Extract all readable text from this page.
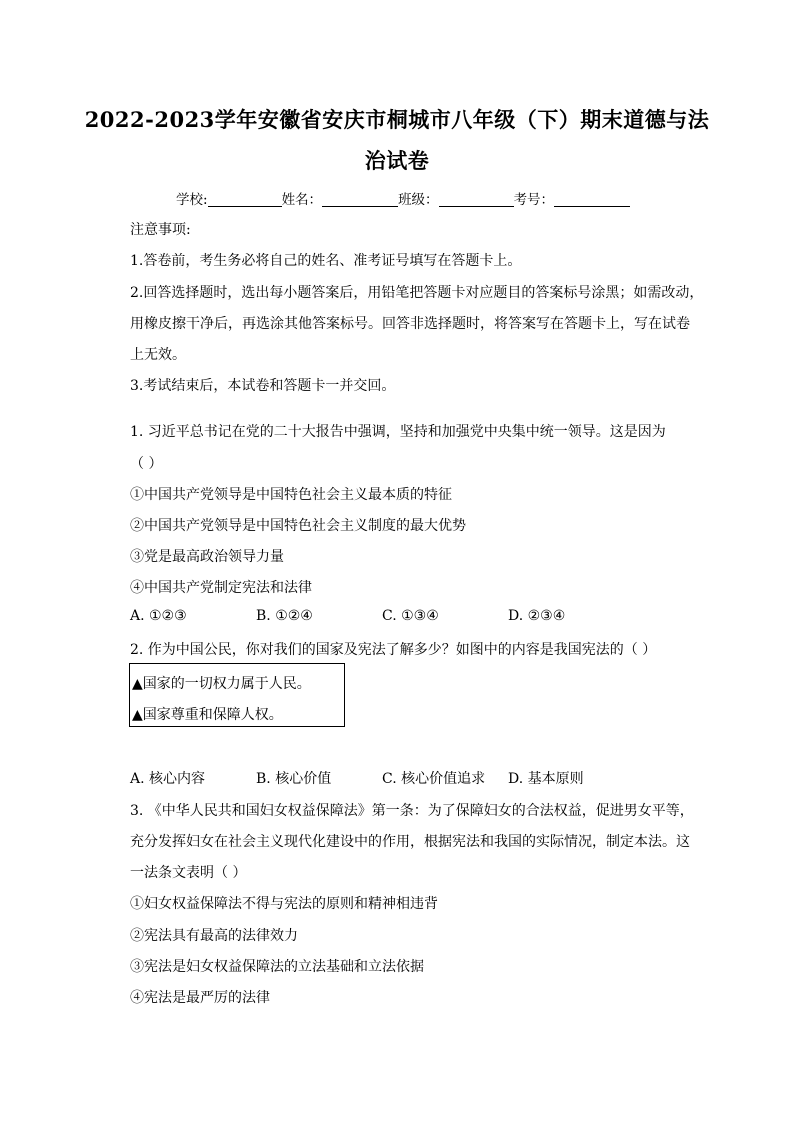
2022-2023学年安徽省安庆市桐城市八年级（下）期末道德与法
治试卷
学校:	姓名：	班级：	考号：
注意事项:
1.答卷前，考生务必将自己的姓名、准考证号填写在答题卡上。
2.回答选择题时，选出每小题答案后，用铅笔把答题卡对应题目的答案标号涂黑；如需改动，
用橡皮擦干净后，再选涂其他答案标号。回答非选择题时，将答案写在答题卡上，写在试卷
上无效。
3.考试结束后，本试卷和答题卡一并交回。
1. 习近平总书记在党的二十大报告中强调，坚持和加强党中央集中统一领导。这是因为
（ ）
①中国共产党领导是中国特色社会主义最本质的特征
②中国共产党领导是中国特色社会主义制度的最大优势
③党是最高政治领导力量
④中国共产党制定宪法和法律
A. ①②③	B. ①②④	C. ①③④	D. ②③④
2. 作为中国公民，你对我们的国家及宪法了解多少？如图中的内容是我国宪法的（ ）
▲国家的一切权力属于人民。
▲国家尊重和保障人权。
A. 核心内容	B. 核心价值	C. 核心价值追求 D. 基本原则
3. 《中华人民共和国妇女权益保障法》第一条：为了保障妇女的合法权益，促进男女平等，
充分发挥妇女在社会主义现代化建设中的作用，根据宪法和我国的实际情况，制定本法。这
一法条文表明（ ）
①妇女权益保障法不得与宪法的原则和精神相违背
②宪法具有最高的法律效力
③宪法是妇女权益保障法的立法基础和立法依据
④宪法是最严厉的法律
